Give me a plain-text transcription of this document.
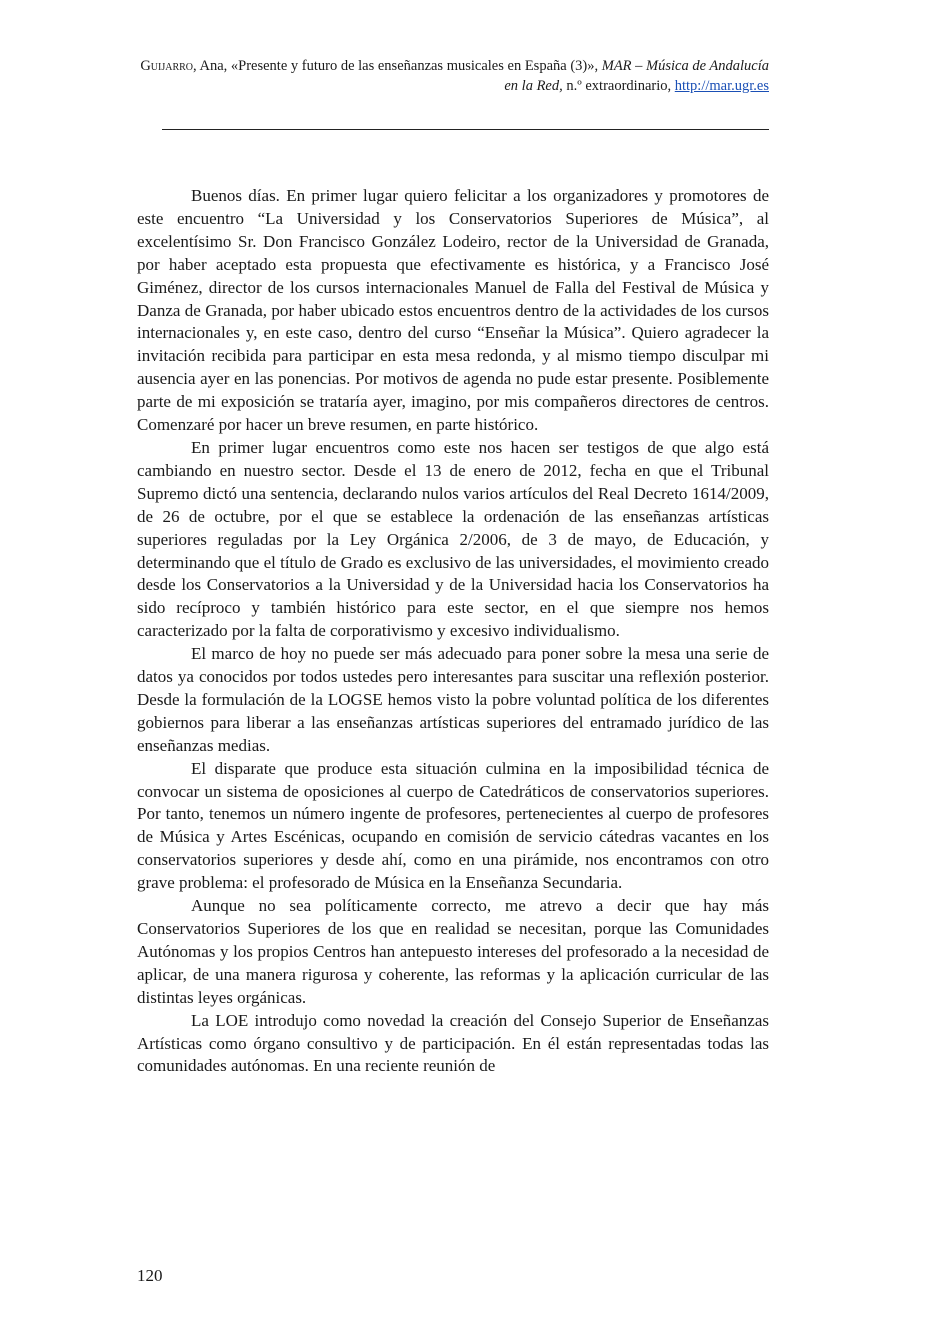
Guijarro, Ana, «Presente y futuro de las enseñanzas musicales en España (3)», MAR – Música de Andalucía en la Red, n.º extraordinario, http://mar.ugr.es

Buenos días. En primer lugar quiero felicitar a los organizadores y promotores de este encuentro “La Universidad y los Conservatorios Superiores de Música”, al excelentísimo Sr. Don Francisco González Lodeiro, rector de la Universidad de Granada, por haber aceptado esta propuesta que efectivamente es histórica, y a Francisco José Giménez, director de los cursos internacionales Manuel de Falla del Festival de Música y Danza de Granada, por haber ubicado estos encuentros dentro de la actividades de los cursos internacionales y, en este caso, dentro del curso “Enseñar la Música”. Quiero agradecer la invitación recibida para participar en esta mesa redonda, y al mismo tiempo disculpar mi ausencia ayer en las ponencias. Por motivos de agenda no pude estar presente. Posiblemente parte de mi exposición se trataría ayer, imagino, por mis compañeros directores de centros. Comenzaré por hacer un breve resumen, en parte histórico.

En primer lugar encuentros como este nos hacen ser testigos de que algo está cambiando en nuestro sector. Desde el 13 de enero de 2012, fecha en que el Tribunal Supremo dictó una sentencia, declarando nulos varios artículos del Real Decreto 1614/2009, de 26 de octubre, por el que se establece la ordenación de las enseñanzas artísticas superiores reguladas por la Ley Orgánica 2/2006, de 3 de mayo, de Educación, y determinando que el título de Grado es exclusivo de las universidades, el movimiento creado desde los Conservatorios a la Universidad y de la Universidad hacia los Conservatorios ha sido recíproco y también histórico para este sector, en el que siempre nos hemos caracterizado por la falta de corporativismo y excesivo individualismo.

El marco de hoy no puede ser más adecuado para poner sobre la mesa una serie de datos ya conocidos por todos ustedes pero interesantes para suscitar una reflexión posterior. Desde la formulación de la LOGSE hemos visto la pobre voluntad política de los diferentes gobiernos para liberar a las enseñanzas artísticas superiores del entramado jurídico de las enseñanzas medias.

El disparate que produce esta situación culmina en la imposibilidad técnica de convocar un sistema de oposiciones al cuerpo de Catedráticos de conservatorios superiores. Por tanto, tenemos un número ingente de profesores, pertenecientes al cuerpo de profesores de Música y Artes Escénicas, ocupando en comisión de servicio cátedras vacantes en los conservatorios superiores y desde ahí, como en una pirámide, nos encontramos con otro grave problema: el profesorado de Música en la Enseñanza Secundaria.

Aunque no sea políticamente correcto, me atrevo a decir que hay más Conservatorios Superiores de los que en realidad se necesitan, porque las Comunidades Autónomas y los propios Centros han antepuesto intereses del profesorado a la necesidad de aplicar, de una manera rigurosa y coherente, las reformas y la aplicación curricular de las distintas leyes orgánicas.

La LOE introdujo como novedad la creación del Consejo Superior de Enseñanzas Artísticas como órgano consultivo y de participación. En él están representadas todas las comunidades autónomas. En una reciente reunión de

120
